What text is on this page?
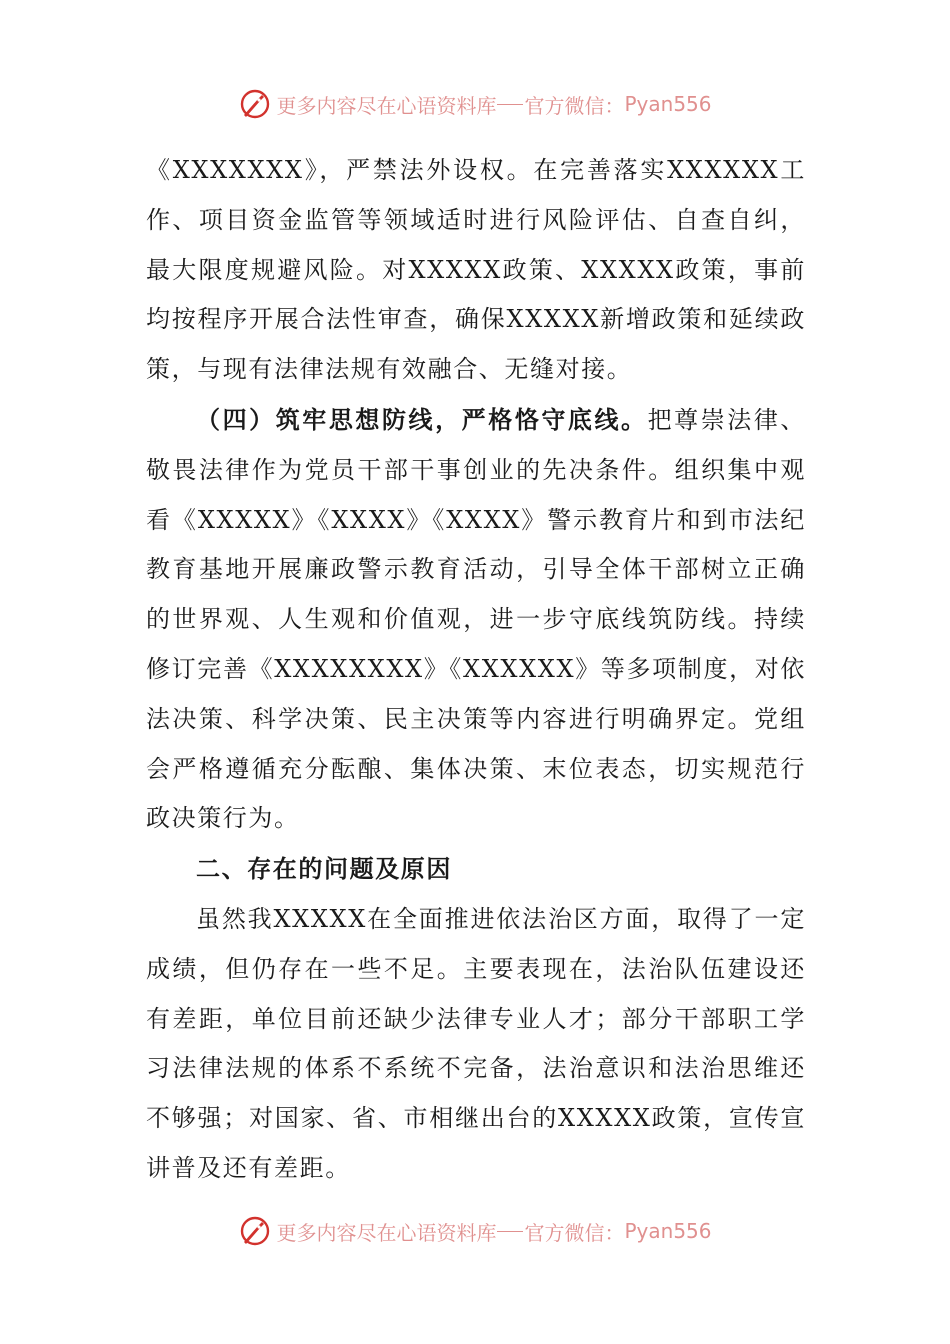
更多内容尽在心语资料库 官方微信： Pyan556

《XXXXXXX》，严禁法外设权。在完善落实XXXXXX工作、项目资金监管等领域适时进行风险评估、自查自纠，最大限度规避风险。对XXXXX政策、XXXXX政策，事前均按程序开展合法性审查，确保XXXXX新增政策和延续政策，与现有法律法规有效融合、无缝对接。

（四）筑牢思想防线，严格恪守底线。把尊崇法律、敬畏法律作为党员干部干事创业的先决条件。组织集中观看《XXXXX》《XXXX》《XXXX》警示教育片和到市法纪教育基地开展廉政警示教育活动，引导全体干部树立正确的世界观、人生观和价值观，进一步守底线筑防线。持续修订完善《XXXXXXXX》《XXXXXX》等多项制度，对依法决策、科学决策、民主决策等内容进行明确界定。党组会严格遵循充分酝酿、集体决策、末位表态，切实规范行政决策行为。

二、存在的问题及原因

虽然我XXXXX在全面推进依法治区方面，取得了一定成绩，但仍存在一些不足。主要表现在，法治队伍建设还有差距，单位目前还缺少法律专业人才；部分干部职工学习法律法规的体系不系统不完备，法治意识和法治思维还不够强；对国家、省、市相继出台的XXXXX政策，宣传宣讲普及还有差距。

更多内容尽在心语资料库 官方微信： Pyan556
